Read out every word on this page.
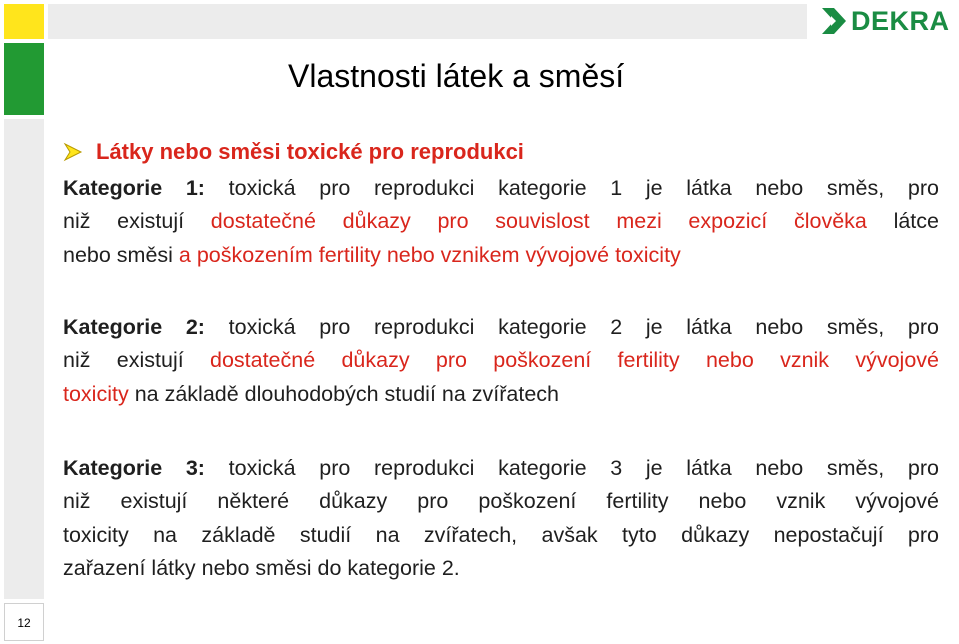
12
DEKRA
Vlastnosti látek a směsí
Látky nebo směsi toxické pro reprodukci
Kategorie 1: toxická pro reprodukci kategorie 1 je látka nebo směs, pro
niž existují dostatečné důkazy pro souvislost mezi expozicí člověka látce
nebo směsi a poškozením fertility nebo vznikem vývojové toxicity
Kategorie 2: toxická pro reprodukci kategorie 2 je látka nebo směs, pro
niž existují dostatečné důkazy pro poškození fertility nebo vznik vývojové
toxicity na základě dlouhodobých studií na zvířatech
Kategorie 3: toxická pro reprodukci kategorie 3 je látka nebo směs, pro
niž existují některé důkazy pro poškození fertility nebo vznik vývojové
toxicity na základě studií na zvířatech, avšak tyto důkazy nepostačují pro
zařazení látky nebo směsi do kategorie 2.
